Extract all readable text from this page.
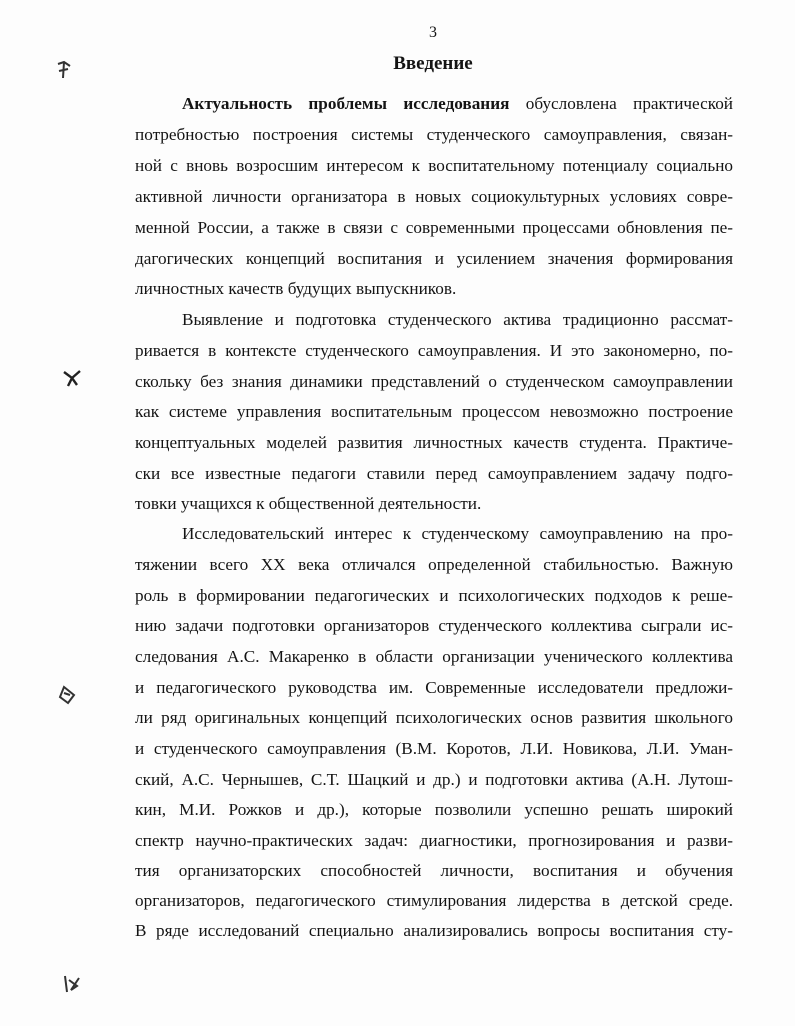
3
Введение
Актуальность проблемы исследования обусловлена практической
потребностью построения системы студенческого самоуправления, связан-
ной с вновь возросшим интересом к воспитательному потенциалу социально
активной личности организатора в новых социокультурных условиях совре-
менной России, а также в связи с современными процессами обновления пе-
дагогических концепций воспитания и усилением значения формирования
личностных качеств будущих выпускников.
Выявление и подготовка студенческого актива традиционно рассмат-
ривается в контексте студенческого самоуправления. И это закономерно, по-
скольку без знания динамики представлений о студенческом самоуправлении
как системе управления воспитательным процессом невозможно построение
концептуальных моделей развития личностных качеств студента. Практиче-
ски все известные педагоги ставили перед самоуправлением задачу подго-
товки учащихся к общественной деятельности.
Исследовательский интерес к студенческому самоуправлению на про-
тяжении всего XX века отличался определенной стабильностью. Важную
роль в формировании педагогических и психологических подходов к реше-
нию задачи подготовки организаторов студенческого коллектива сыграли ис-
следования А.С. Макаренко в области организации ученического коллектива
и педагогического руководства им. Современные исследователи предложи-
ли ряд оригинальных концепций психологических основ развития школьного
и студенческого самоуправления (В.М. Коротов, Л.И. Новикова, Л.И. Уман-
ский, А.С. Чернышев, С.Т. Шацкий и др.) и подготовки актива (А.Н. Лутош-
кин, М.И. Рожков и др.), которые позволили успешно решать широкий
спектр научно-практических задач: диагностики, прогнозирования и разви-
тия организаторских способностей личности, воспитания и обучения
организаторов, педагогического стимулирования лидерства в детской среде.
В ряде исследований специально анализировались вопросы воспитания сту-
